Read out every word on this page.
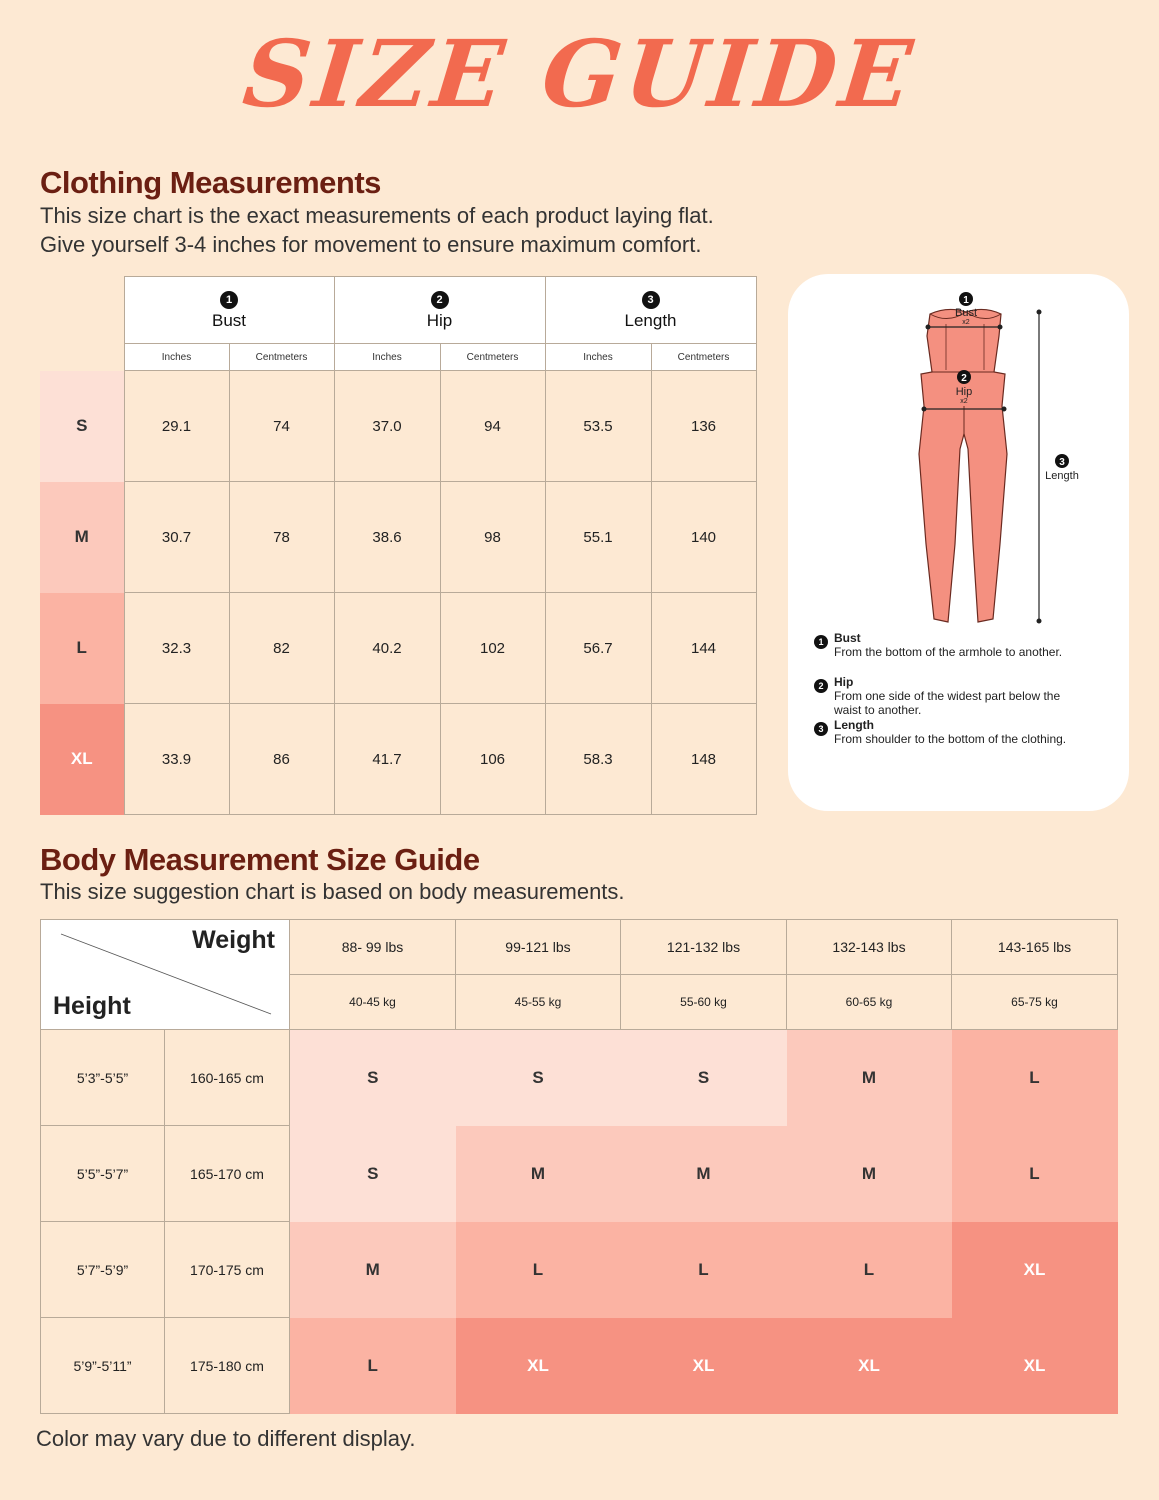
SIZE GUIDE
Clothing Measurements
This size chart is the exact measurements of each product laying flat.
Give yourself 3-4 inches for movement to ensure maximum comfort.
	1
Bust		2
Hip		3
Length	

	Inches	Centmeters	Inches	Centmeters	Inches	Centmeters
S	29.1	74	37.0	94	53.5	136
M	30.7	78	38.6	98	55.1	140
L	32.3	82	40.2	102	56.7	144
XL	33.9	86	41.7	106	58.3	148
1
2
3
Bust
x2
Hip
x2
Length
1 Bust
From the bottom of the armhole to another.
2 Hip
From one side of the widest part below the waist to another.
3 Length
From shoulder to the bottom of the clothing.
Body Measurement Size Guide
This size suggestion chart is based on body measurements.
Weight
Height		88- 99 lbs	99-121 lbs	121-132 lbs	132-143 lbs	143-165 lbs
		40-45 kg	45-55 kg	55-60 kg	60-65 kg	65-75 kg
5’3”-5’5”	160-165 cm	S	S	S	M	L
5’5”-5’7”	165-170 cm	S	M	M	M	L
5’7”-5’9”	170-175 cm	M	L	L	L	XL
5’9”-5’11”	175-180 cm	L	XL	XL	XL	XL
Color may vary due to different display.
